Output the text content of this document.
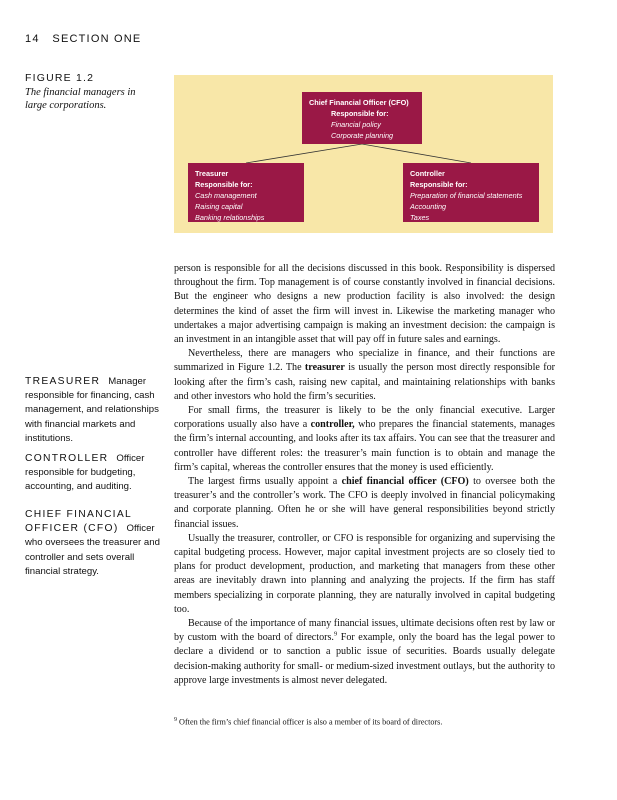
14 SECTION ONE
FIGURE 1.2
The financial managers in large corporations.	Chief Financial Officer (CFO)
Responsible for:
Financial policy
Corporate planning
Treasurer
Responsible for:
Cash management
Raising capital
Banking relationships
Controller
Responsible for:
Preparation of financial statements
Accounting
Taxes
TREASURER Manager responsible for financing, cash management, and relationships with financial markets and institutions.
CONTROLLER Officer responsible for budgeting, accounting, and auditing.
CHIEF FINANCIAL OFFICER (CFO) Officer who oversees the treasurer and controller and sets overall financial strategy.

person is responsible for all the decisions discussed in this book. Responsibility is dispersed throughout the firm. Top management is of course constantly involved in financial decisions. But the engineer who designs a new production facility is also involved: the design determines the kind of asset the firm will invest in. Likewise the marketing manager who undertakes a major advertising campaign is making an investment decision: the campaign is an investment in an intangible asset that will pay off in future sales and earnings.

Nevertheless, there are managers who specialize in finance, and their functions are summarized in Figure 1.2. The treasurer is usually the person most directly responsible for looking after the firm’s cash, raising new capital, and maintaining relationships with banks and other investors who hold the firm’s securities.

For small firms, the treasurer is likely to be the only financial executive. Larger corporations usually also have a controller, who prepares the financial statements, manages the firm’s internal accounting, and looks after its tax affairs. You can see that the treasurer and controller have different roles: the treasurer’s main function is to obtain and manage the firm’s capital, whereas the controller ensures that the money is used efficiently.

The largest firms usually appoint a chief financial officer (CFO) to oversee both the treasurer’s and the controller’s work. The CFO is deeply involved in financial policymaking and corporate planning. Often he or she will have general responsibilities beyond strictly financial issues.

Usually the treasurer, controller, or CFO is responsible for organizing and supervising the capital budgeting process. However, major capital investment projects are so closely tied to plans for product development, production, and marketing that managers from these other areas are inevitably drawn into planning and analyzing the projects. If the firm has staff members specializing in corporate planning, they are naturally involved in capital budgeting too.

Because of the importance of many financial issues, ultimate decisions often rest by law or by custom with the board of directors.$^9$ For example, only the board has the legal power to declare a dividend or to sanction a public issue of securities. Boards usually delegate decision-making authority for small- or medium-sized investment outlays, but the authority to approve large investments is almost never delegated.

$^9$ Often the firm’s chief financial officer is also a member of its board of directors.
